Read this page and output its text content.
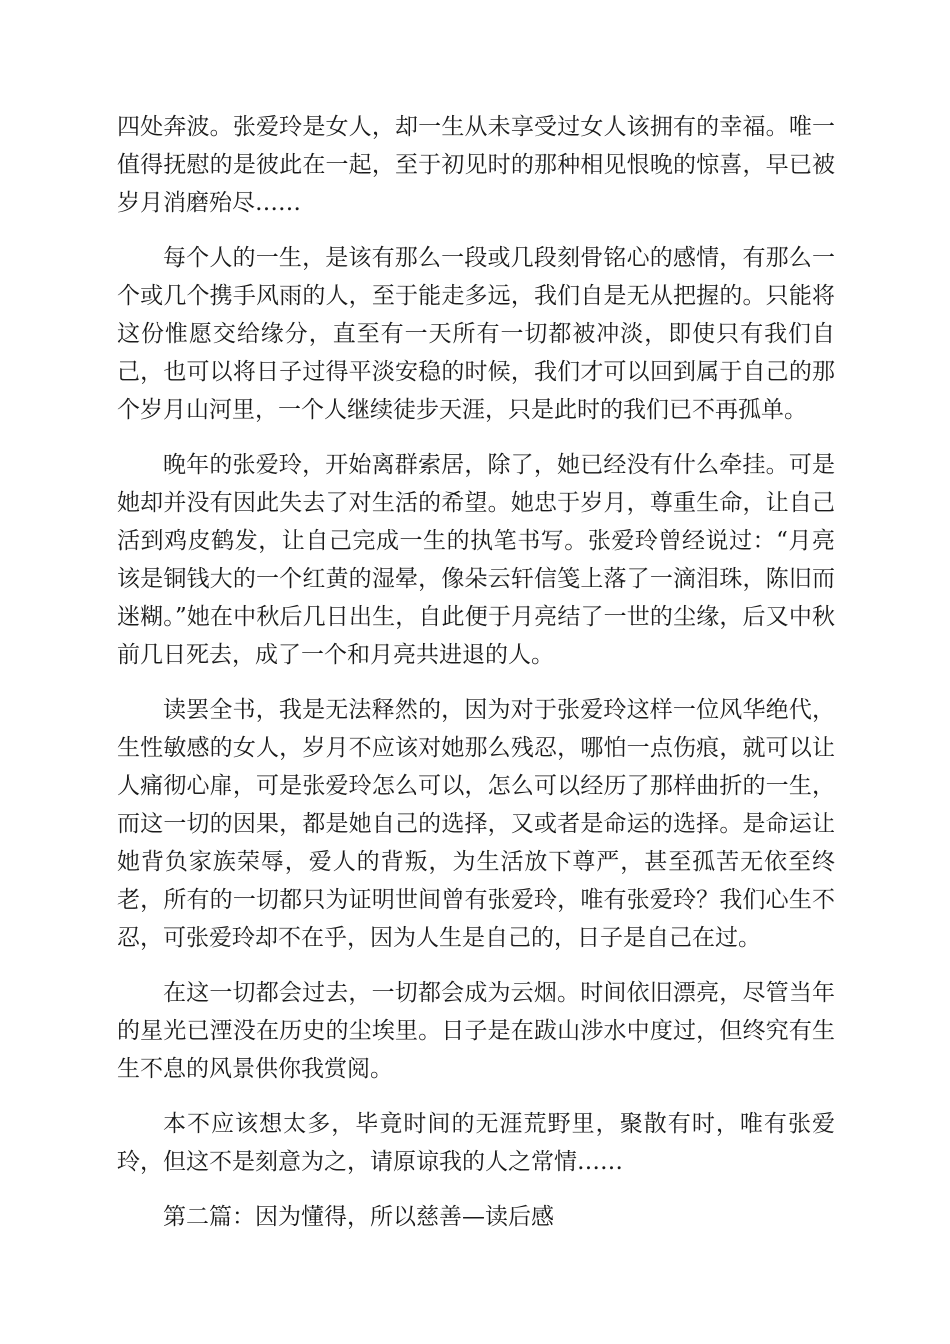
四处奔波。张爱玲是女人，却一生从未享受过女人该拥有的幸福。唯一值得抚慰的是彼此在一起，至于初见时的那种相见恨晚的惊喜，早已被岁月消磨殆尽……

每个人的一生，是该有那么一段或几段刻骨铭心的感情，有那么一个或几个携手风雨的人，至于能走多远，我们自是无从把握的。只能将这份惟愿交给缘分，直至有一天所有一切都被冲淡，即使只有我们自己，也可以将日子过得平淡安稳的时候，我们才可以回到属于自己的那个岁月山河里，一个人继续徒步天涯，只是此时的我们已不再孤单。

晚年的张爱玲，开始离群索居，除了，她已经没有什么牵挂。可是她却并没有因此失去了对生活的希望。她忠于岁月，尊重生命，让自己活到鸡皮鹤发，让自己完成一生的执笔书写。张爱玲曾经说过：“月亮该是铜钱大的一个红黄的湿晕，像朵云轩信笺上落了一滴泪珠，陈旧而迷糊。”她在中秋后几日出生，自此便于月亮结了一世的尘缘，后又中秋前几日死去，成了一个和月亮共进退的人。

读罢全书，我是无法释然的，因为对于张爱玲这样一位风华绝代，生性敏感的女人，岁月不应该对她那么残忍，哪怕一点伤痕，就可以让人痛彻心扉，可是张爱玲怎么可以，怎么可以经历了那样曲折的一生，而这一切的因果，都是她自己的选择，又或者是命运的选择。是命运让她背负家族荣辱，爱人的背叛，为生活放下尊严，甚至孤苦无依至终老，所有的一切都只为证明世间曾有张爱玲，唯有张爱玲？我们心生不忍，可张爱玲却不在乎，因为人生是自己的，日子是自己在过。

在这一切都会过去，一切都会成为云烟。时间依旧漂亮，尽管当年的星光已湮没在历史的尘埃里。日子是在跋山涉水中度过，但终究有生生不息的风景供你我赏阅。

本不应该想太多，毕竟时间的无涯荒野里，聚散有时，唯有张爱玲，但这不是刻意为之，请原谅我的人之常情……

第二篇：因为懂得，所以慈善—读后感
